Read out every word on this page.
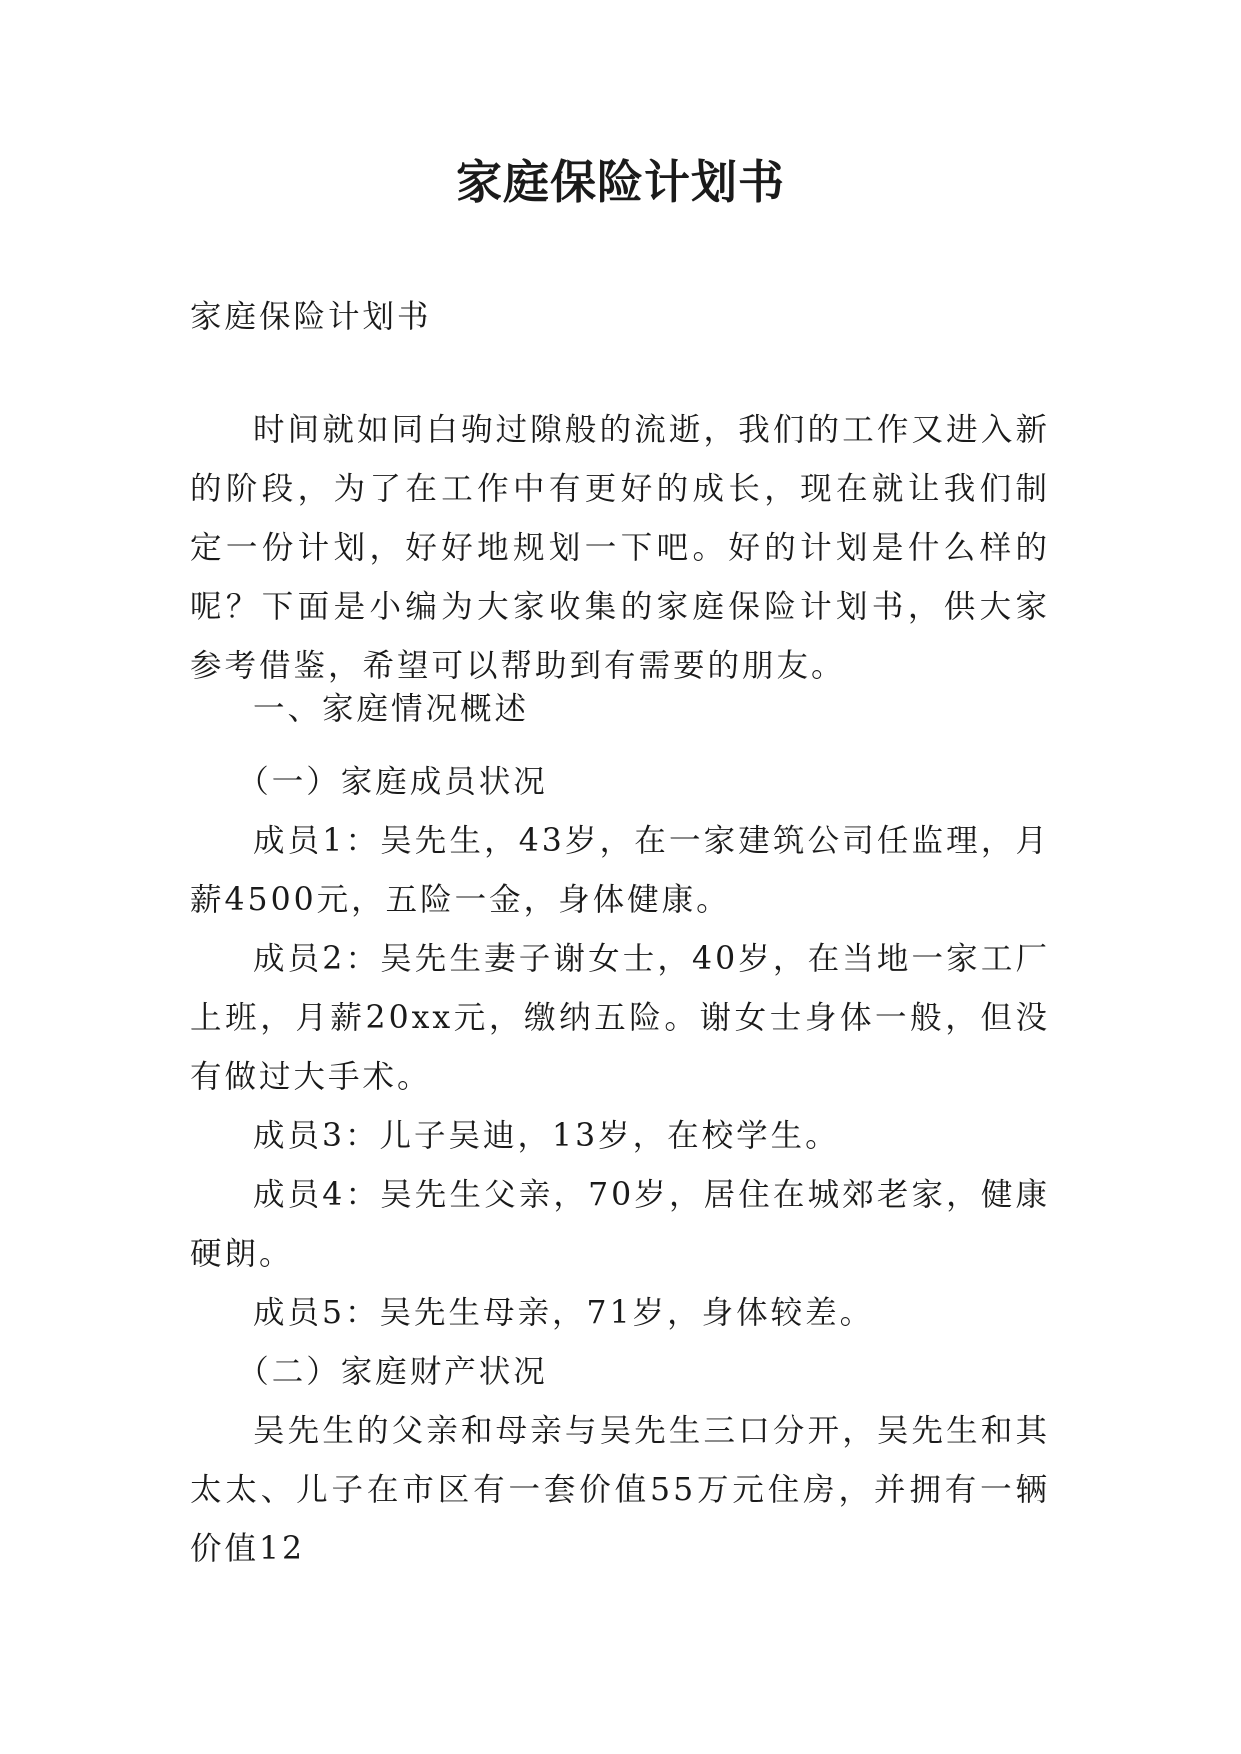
家庭保险计划书

家庭保险计划书

时间就如同白驹过隙般的流逝，我们的工作又进入新的阶段，为了在工作中有更好的成长，现在就让我们制定一份计划，好好地规划一下吧。好的计划是什么样的呢？下面是小编为大家收集的家庭保险计划书，供大家参考借鉴，希望可以帮助到有需要的朋友。

一、家庭情况概述

（一）家庭成员状况

成员1：吴先生，43岁，在一家建筑公司任监理，月薪4500元，五险一金，身体健康。

成员2：吴先生妻子谢女士，40岁，在当地一家工厂上班，月薪20xx元，缴纳五险。谢女士身体一般，但没有做过大手术。

成员3：儿子吴迪，13岁，在校学生。

成员4：吴先生父亲，70岁，居住在城郊老家，健康硬朗。

成员5：吴先生母亲，71岁，身体较差。

（二）家庭财产状况

吴先生的父亲和母亲与吴先生三口分开，吴先生和其太太、儿子在市区有一套价值55万元住房，并拥有一辆价值12
